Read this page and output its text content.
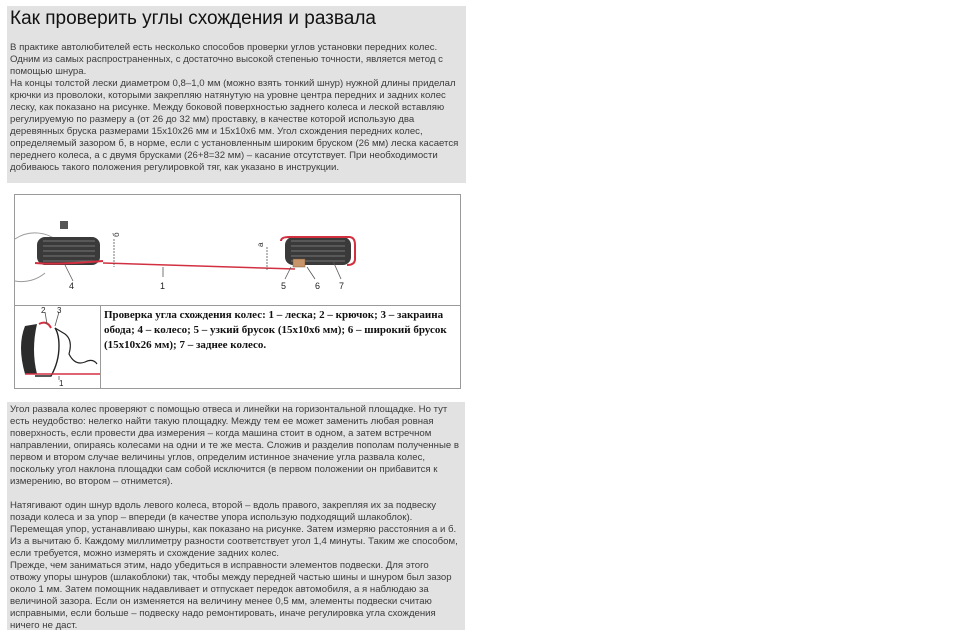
Как проверить углы схождения и развала

В практике автолюбителей есть несколько способов проверки углов установки передних колес. Одним из самых распространенных, с достаточно высокой степенью точности, является метод с помощью шнура.
На концы толстой лески диаметром 0,8–1,0 мм (можно взять тонкий шнур) нужной длины приделал крючки из проволоки, которыми закрепляю натянутую на уровне центра передних и задних колес леску, как показано на рисунке. Между боковой поверхностью заднего колеса и леской вставляю регулируемую по размеру а (от 26 до 32 мм) проставку, в качестве которой использую два деревянных бруска размерами 15х10х26 мм и 15х10х6 мм. Угол схождения передних колес, определяемый зазором б, в норме, если с установленным широким бруском (26 мм) леска касается переднего колеса, а с двумя брусками (26+8=32 мм) – касание отсутствует. При необходимости добиваюсь такого положения регулировкой тяг, как указано в инструкции.

б
а
4	1	5	6 7
2 3
1

Проверка угла схождения колес: 1 – леска; 2 – крючок; 3 – закраина обода; 4 – колесо; 5 – узкий брусок (15х10х6 мм); 6 – широкий брусок (15х10х26 мм); 7 – заднее колесо.

Угол развала колес проверяют с помощью отвеса и линейки на горизонтальной площадке. Но тут есть неудобство: нелегко найти такую площадку. Между тем ее может заменить любая ровная поверхность, если провести два измерения – когда машина стоит в одном, а затем встречном направлении, опираясь колесами на одни и те же места. Сложив и разделив пополам полученные в первом и втором случае величины углов, определим истинное значение угла развала колес, поскольку угол наклона площадки сам собой исключится (в первом положении он прибавится к измерению, во втором – отнимется).

Натягивают один шнур вдоль левого колеса, второй – вдоль правого, закрепляя их за подвеску позади колеса и за упор – впереди (в качестве упора использую подходящий шлакоблок). Перемещая упор, устанавливаю шнуры, как показано на рисунке. Затем измеряю расстояния а и б. Из а вычитаю б. Каждому миллиметру разности соответствует угол 1,4 минуты. Таким же способом, если требуется, можно измерять и схождение задних колес.
Прежде, чем заниматься этим, надо убедиться в исправности элементов подвески. Для этого отвожу упоры шнуров (шлакоблоки) так, чтобы между передней частью шины и шнуром был зазор около 1 мм. Затем помощник надавливает и отпускает передок автомобиля, а я наблюдаю за величиной зазора. Если он изменяется на величину менее 0,5 мм, элементы подвески считаю исправными, если больше – подвеску надо ремонтировать, иначе регулировка угла схождения ничего не даст.
